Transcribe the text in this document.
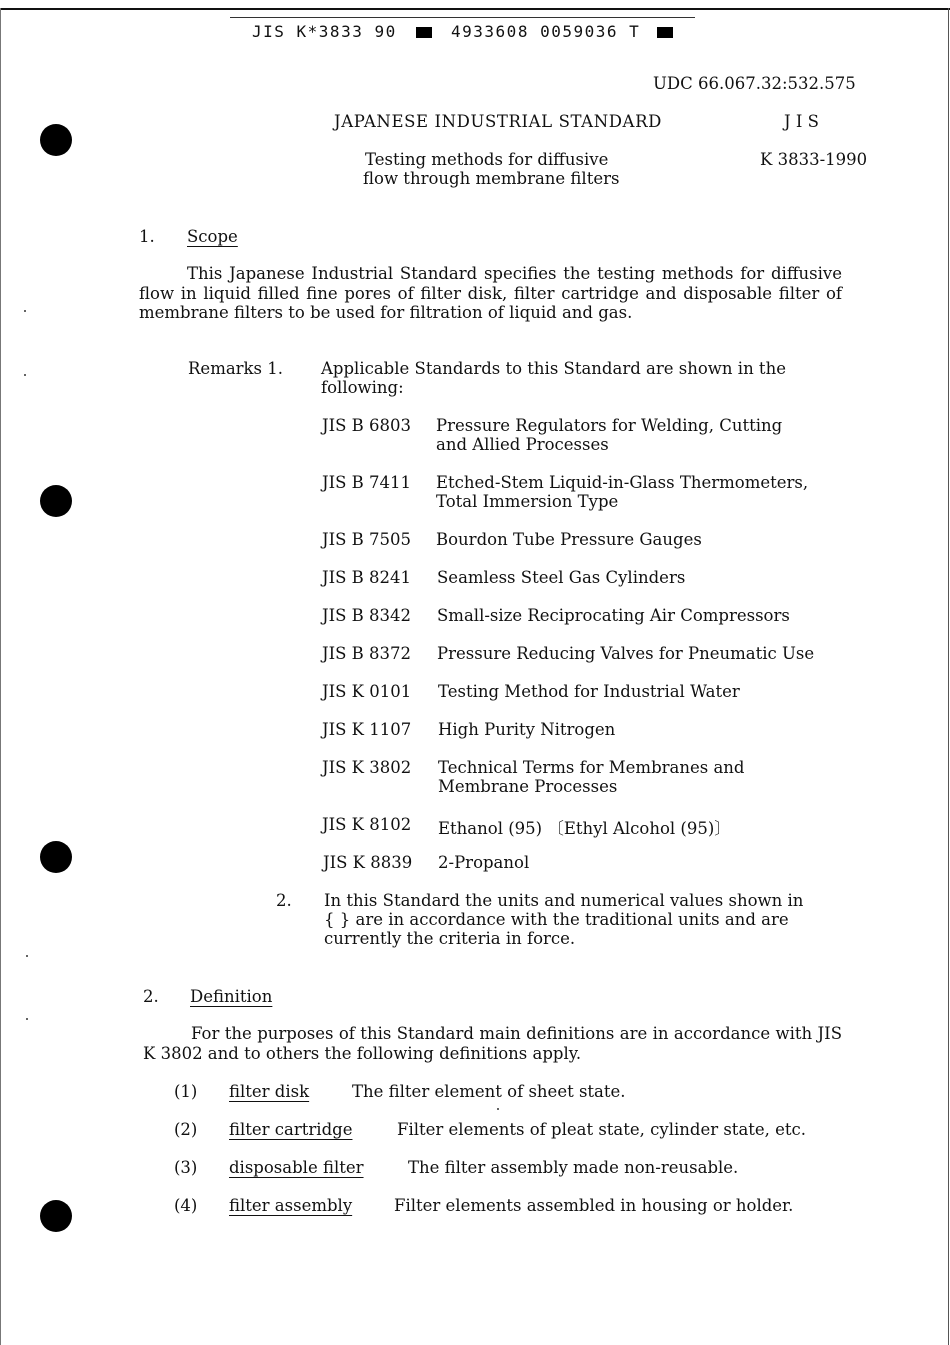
JIS K*3833 90	4933608 0059036 T
UDC 66.067.32:532.575
JAPANESE INDUSTRIAL STANDARD	J I S
Testing methods for diffusive
flow through membrane filters
K 3833-1990
1. Scope
This Japanese Industrial Standard specifies the testing methods for diffusive flow in liquid filled fine pores of filter disk, filter cartridge and disposable filter of membrane filters to be used for filtration of liquid and gas.
Remarks 1. Applicable Standards to this Standard are shown in the
following:
JIS B 6803 Pressure Regulators for Welding, Cutting
and Allied Processes
JIS B 7411 Etched-Stem Liquid-in-Glass Thermometers,
Total Immersion Type
JIS B 7505 Bourdon Tube Pressure Gauges
JIS B 8241 Seamless Steel Gas Cylinders
JIS B 8342 Small-size Reciprocating Air Compressors
JIS B 8372 Pressure Reducing Valves for Pneumatic Use
JIS K 0101 Testing Method for Industrial Water
JIS K 1107 High Purity Nitrogen
JIS K 3802 Technical Terms for Membranes and
Membrane Processes
JIS K 8102 Ethanol (95) 〔Ethyl Alcohol (95)〕
JIS K 8839 2-Propanol
2. In this Standard the units and numerical values shown in
{ } are in accordance with the traditional units and are
currently the criteria in force.
2. Definition
For the purposes of this Standard main definitions are in accordance with JIS K 3802 and to others the following definitions apply.
(1) filter disk	The filter element of sheet state.
(2) filter cartridge	Filter elements of pleat state, cylinder state, etc.
(3) disposable filter	The filter assembly made non-reusable.
(4) filter assembly	Filter elements assembled in housing or holder.
